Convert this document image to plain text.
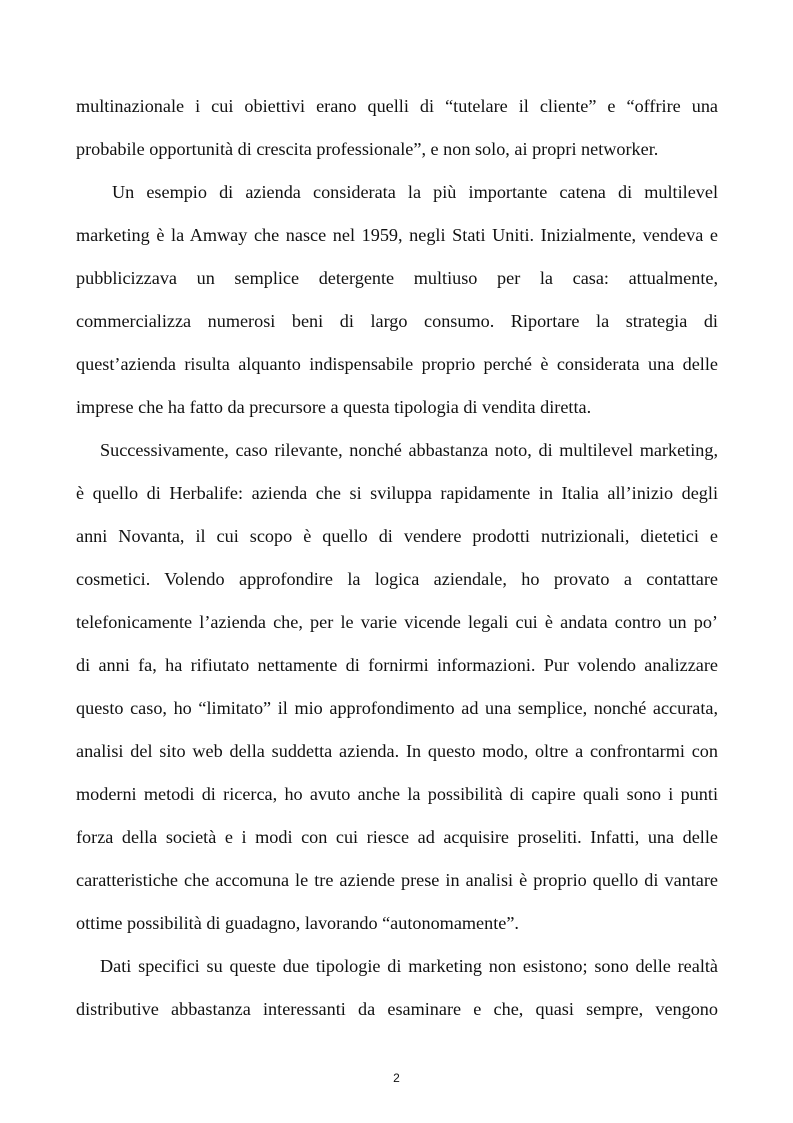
multinazionale i cui obiettivi erano quelli di “tutelare il cliente” e “offrire una
probabile opportunità di crescita professionale”, e non solo, ai propri networker.
Un esempio di azienda considerata la più importante catena di multilevel
marketing è la Amway che nasce nel 1959, negli Stati Uniti. Inizialmente, vendeva e
pubblicizzava un semplice detergente multiuso per la casa: attualmente,
commercializza numerosi beni di largo consumo. Riportare la strategia di
quest’azienda risulta alquanto indispensabile proprio perché è considerata una delle
imprese che ha fatto da precursore a questa tipologia di vendita diretta.
Successivamente, caso rilevante, nonché abbastanza noto, di multilevel marketing,
è quello di Herbalife: azienda che si sviluppa rapidamente in Italia all’inizio degli
anni Novanta, il cui scopo è quello di vendere prodotti nutrizionali, dietetici e
cosmetici. Volendo approfondire la logica aziendale, ho provato a contattare
telefonicamente l’azienda che, per le varie vicende legali cui è andata contro un po’
di anni fa, ha rifiutato nettamente di fornirmi informazioni. Pur volendo analizzare
questo caso, ho “limitato” il mio approfondimento ad una semplice, nonché accurata,
analisi del sito web della suddetta azienda. In questo modo, oltre a confrontarmi con
moderni metodi di ricerca, ho avuto anche la possibilità di capire quali sono i punti
forza della società e i modi con cui riesce ad acquisire proseliti. Infatti, una delle
caratteristiche che accomuna le tre aziende prese in analisi è proprio quello di vantare
ottime possibilità di guadagno, lavorando “autonomamente”.
Dati specifici su queste due tipologie di marketing non esistono; sono delle realtà
distributive abbastanza interessanti da esaminare e che, quasi sempre, vengono
2
